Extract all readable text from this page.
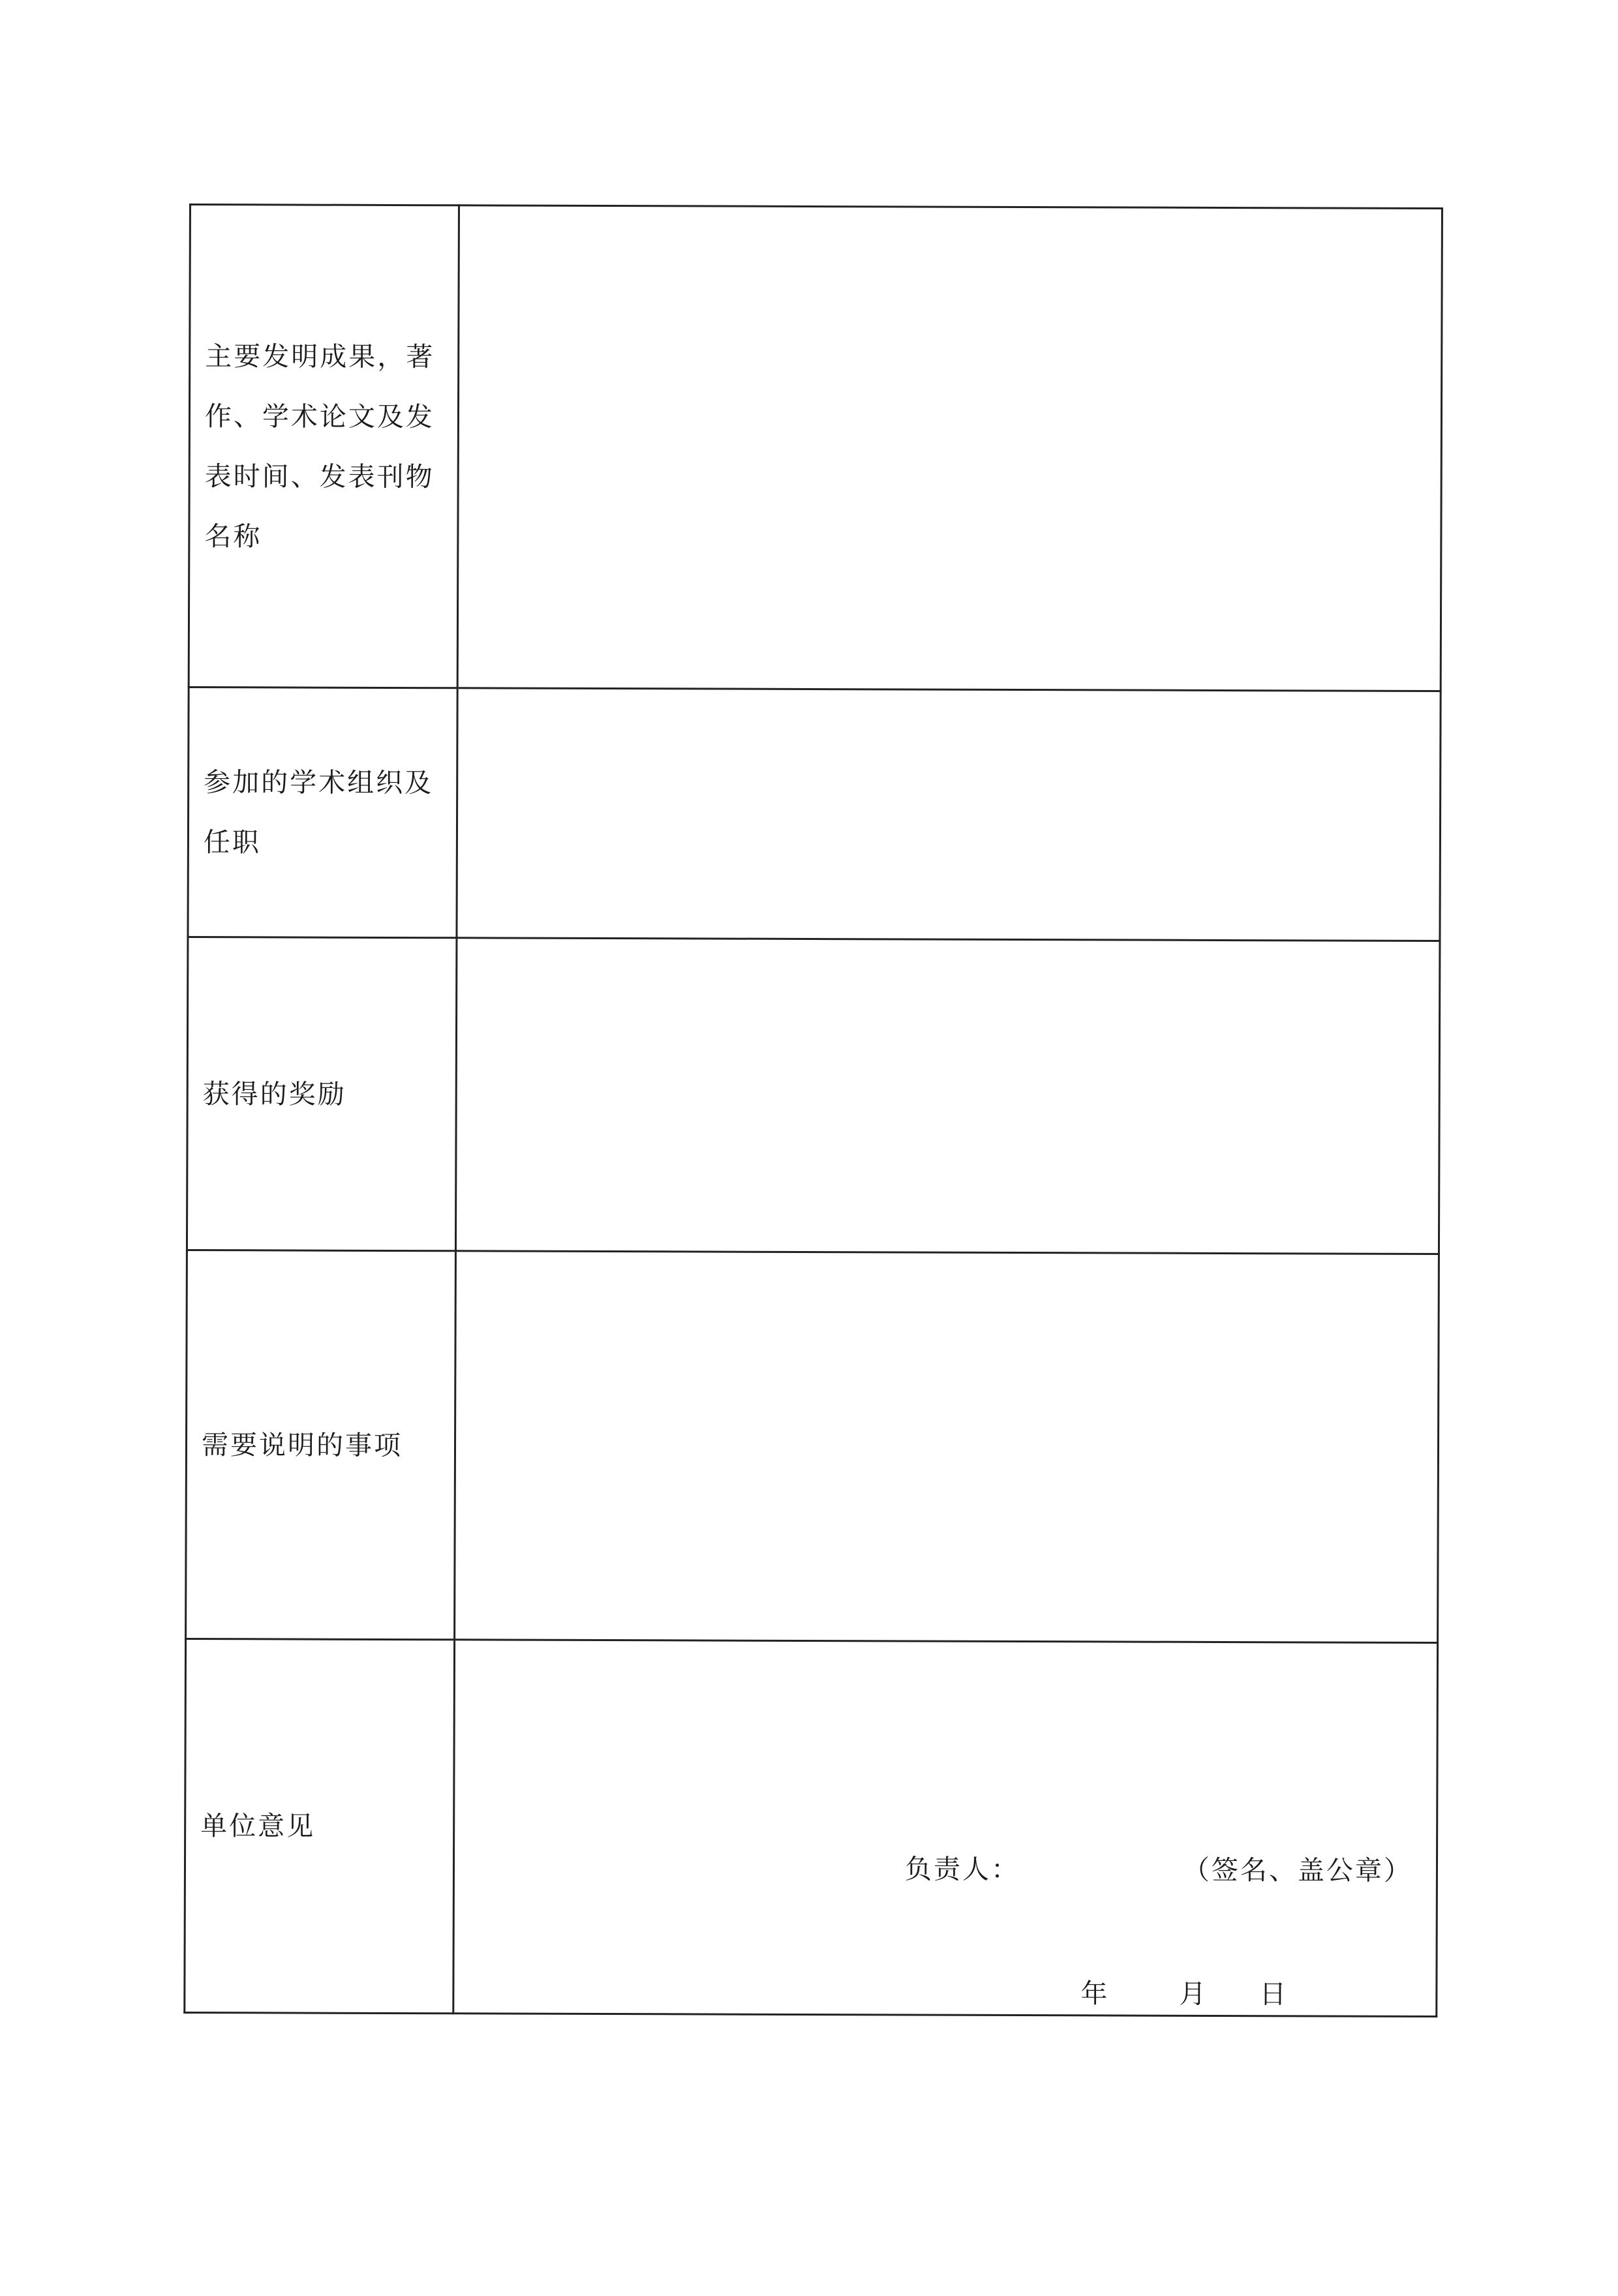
主要发明成果，著
作、学术论文及发
表时间、发表刊物
名称	

参加的学术组织及
任职	

获得的奖励	

需要说明的事项	

单位意见	负责人： （签名、盖公章）
年 月 日
